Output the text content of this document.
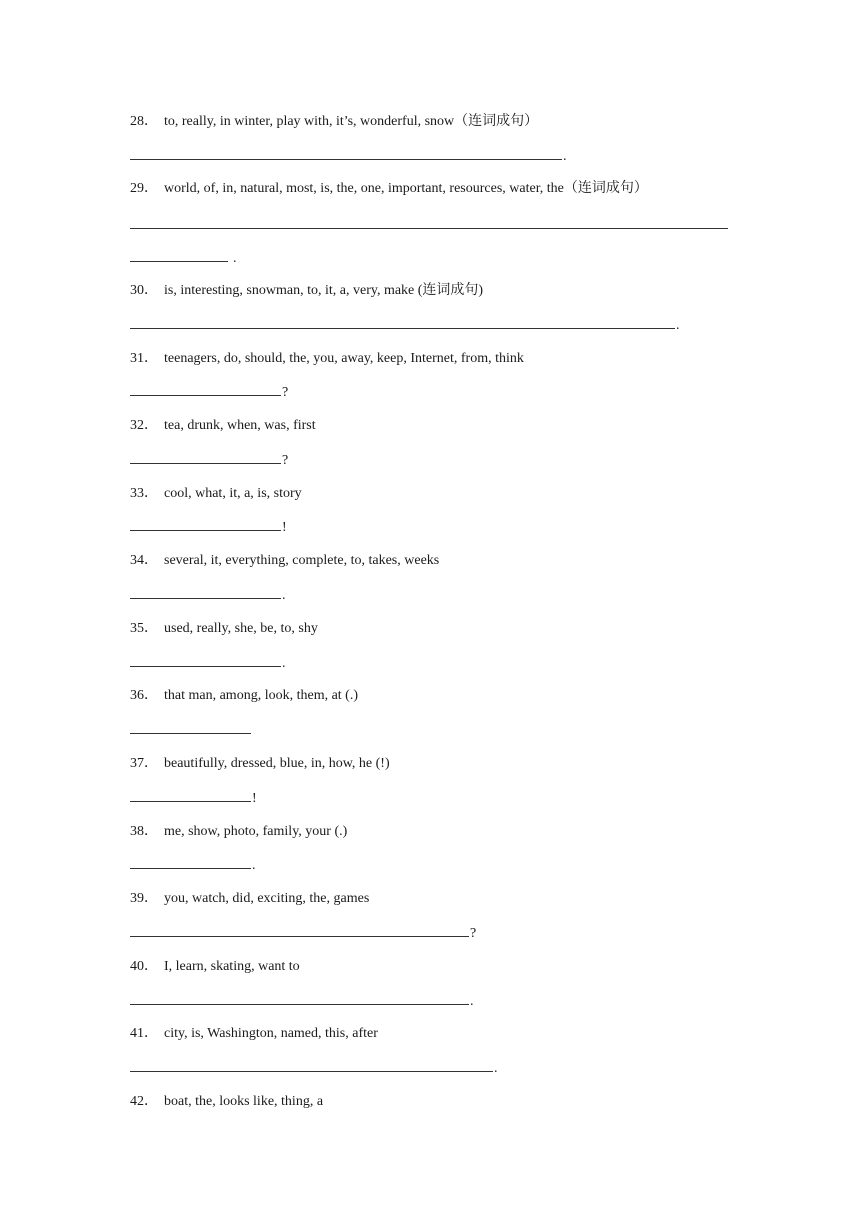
28． to, really, in winter, play with, it’s, wonderful, snow（连词成句）
.
29． world, of, in, natural, most, is, the, one, important, resources, water, the（连词成句）
.
30． is, interesting, snowman, to, it, a, very, make (连词成句)
.
31． teenagers, do, should, the, you, away, keep, Internet, from, think
?
32． tea, drunk, when, was, first
?
33． cool, what, it, a, is, story
!
34． several, it, everything, complete, to, takes, weeks
.
35． used, really, she, be, to, shy
.
36． that man, among, look, them, at (.)
37． beautifully, dressed, blue, in, how, he (!)
!
38． me, show, photo, family, your (.)
.
39． you, watch, did, exciting, the, games
?
40． I, learn, skating, want to
.
41． city, is, Washington, named, this, after
.
42． boat, the, looks like, thing, a
